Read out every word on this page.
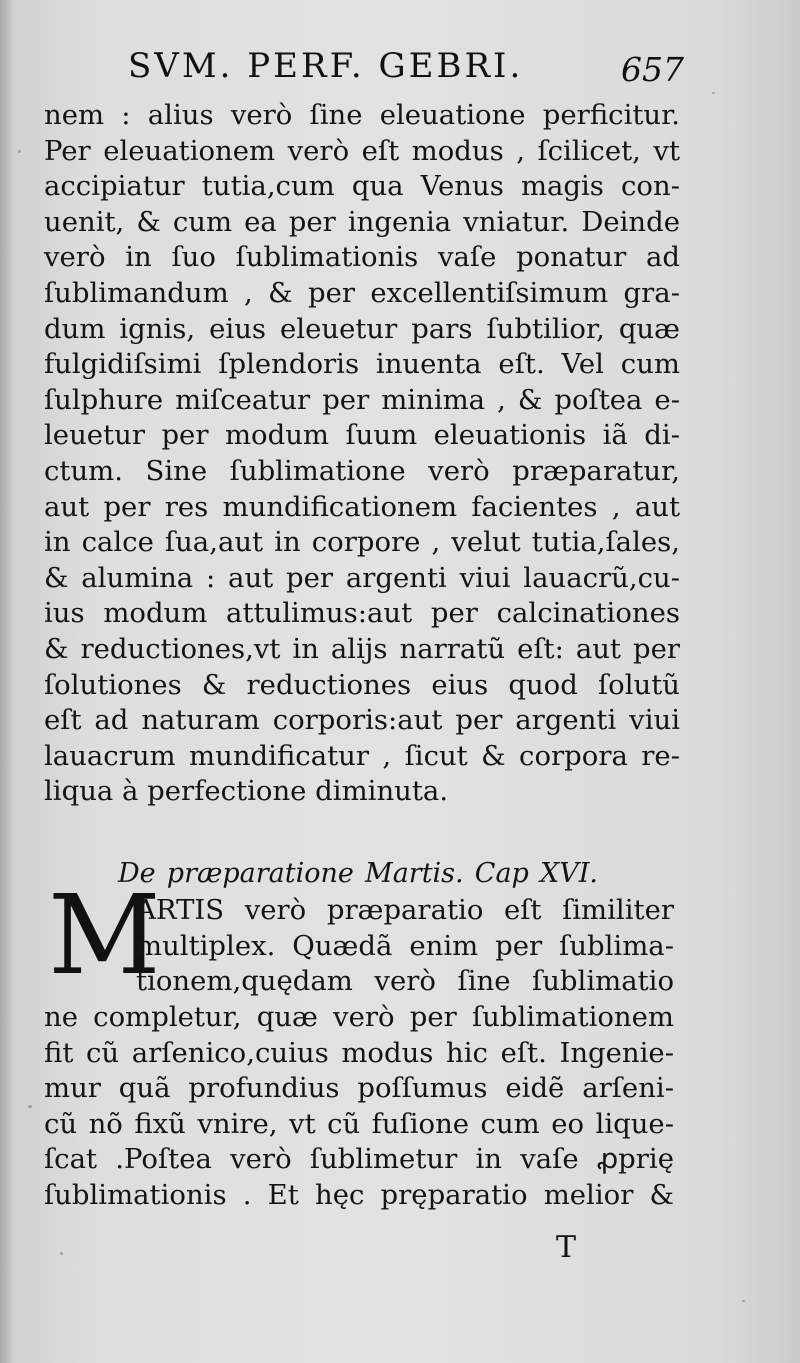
SVM. PERF. GEBRI.	657
nem : alius verò ſine eleuatione perficitur.
Per eleuationem verò eſt modus , ſcilicet, vt
accipiatur tutia,cum qua Venus magis con-
uenit, & cum ea per ingenia vniatur. Deinde
verò in ſuo ſublimationis vaſe ponatur ad
ſublimandum , & per excellentiſsimum gra-
dum ignis, eius eleuetur pars ſubtilior, quæ
fulgidiſsimi ſplendoris inuenta eſt. Vel cum
ſulphure miſceatur per minima , & poſtea e-
leuetur per modum ſuum eleuationis iã di-
ctum. Sine ſublimatione verò præparatur,
aut per res mundificationem facientes , aut
in calce ſua,aut in corpore , velut tutia,ſales,
& alumina : aut per argenti viui lauacrũ,cu-
ius modum attulimus:aut per calcinationes
& reductiones,vt in alijs narratũ eſt: aut per
ſolutiones & reductiones eius quod ſolutũ
eſt ad naturam corporis:aut per argenti viui
lauacrum mundificatur , ſicut & corpora re-
liqua à perfectione diminuta.
De præparatione Martis. Cap XVI.
M
ARTIS verò præparatio eſt ſimiliter
multiplex. Quædã enim per ſublima-
tionem,quędam verò ſine ſublimatio
ne completur, quæ verò per ſublimationem
fit cũ arſenico,cuius modus hic eſt. Ingenie-
mur quã profundius poſſumus eidẽ arſeni-
cũ nõ fixũ vnire, vt cũ fuſione cum eo lique-
ſcat .Poſtea verò ſublimetur in vaſe ꝓprię
ſublimationis . Et hęc pręparatio melior &
T
